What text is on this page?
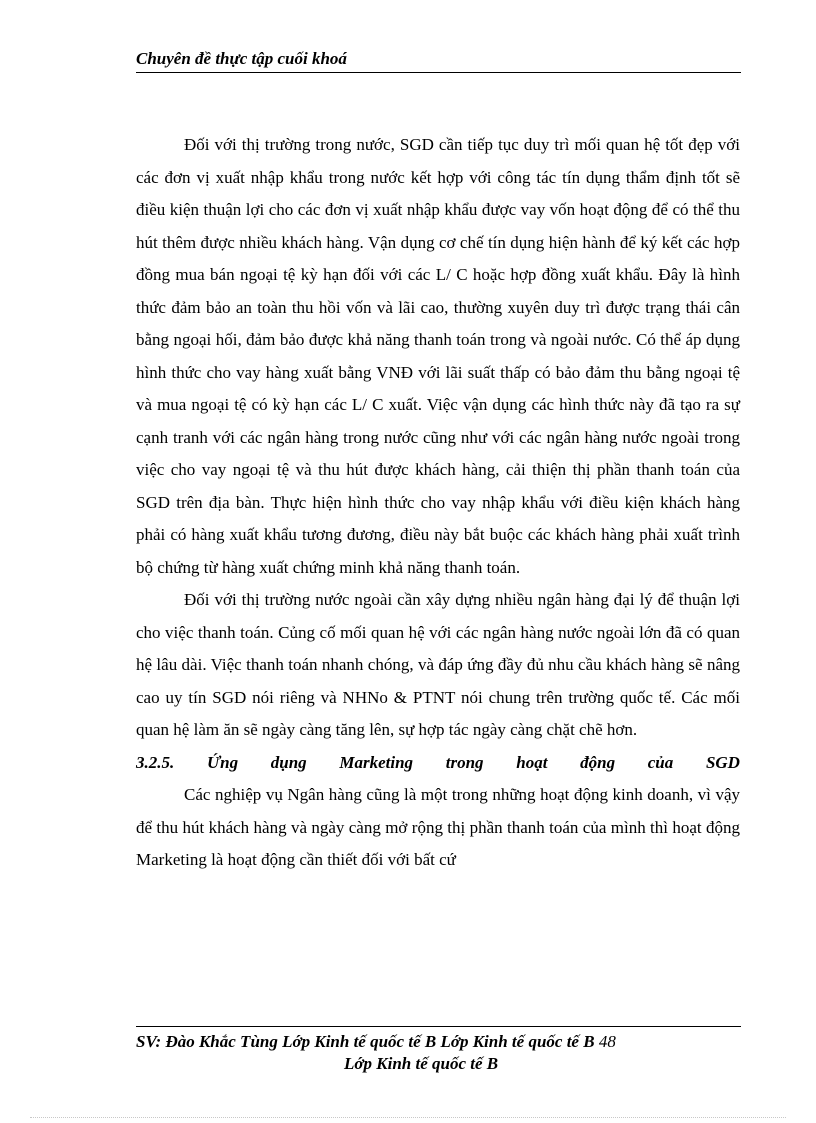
Chuyên đề thực tập cuối khoá

Đối với thị trường trong nước, SGD cần tiếp tục duy trì mối quan hệ tốt đẹp với các đơn vị xuất nhập khẩu trong nước kết hợp với công tác tín dụng thẩm định tốt sẽ điều kiện thuận lợi cho các đơn vị xuất nhập khẩu được vay vốn hoạt động để có thể thu hút thêm được nhiều khách hàng. Vận dụng cơ chế tín dụng hiện hành để ký kết các hợp đồng mua bán ngoại tệ kỳ hạn đối với các L/ C hoặc hợp đồng xuất khẩu. Đây là hình thức đảm bảo an toàn thu hồi vốn và lãi cao, thường xuyên duy trì được trạng thái cân bằng ngoại hối, đảm bảo được khả năng thanh toán trong và ngoài nước. Có thể áp dụng hình thức cho vay hàng xuất bằng VNĐ với lãi suất thấp có bảo đảm thu bằng ngoại tệ và mua ngoại tệ có kỳ hạn các L/ C xuất. Việc vận dụng các hình thức này đã tạo ra sự cạnh tranh với các ngân hàng trong nước cũng như với các ngân hàng nước ngoài trong việc cho vay ngoại tệ và thu hút được khách hàng, cải thiện thị phần thanh toán của SGD trên địa bàn. Thực hiện hình thức cho vay nhập khẩu với điều kiện khách hàng phải có hàng xuất khẩu tương đương, điều này bắt buộc các khách hàng phải xuất trình bộ chứng từ hàng xuất chứng minh khả năng thanh toán.

Đối với thị trường nước ngoài cần xây dựng nhiều ngân hàng đại lý để thuận lợi cho việc thanh toán. Củng cố mối quan hệ với các ngân hàng nước ngoài lớn đã có quan hệ lâu dài. Việc thanh toán nhanh chóng, và đáp ứng đầy đủ nhu cầu khách hàng sẽ nâng cao uy tín SGD nói riêng và NHNo & PTNT nói chung trên trường quốc tế. Các mối quan hệ làm ăn sẽ ngày càng tăng lên, sự hợp tác ngày càng chặt chẽ hơn.

3.2.5. Ứng dụng Marketing trong hoạt động của SGD

Các nghiệp vụ Ngân hàng cũng là một trong những hoạt động kinh doanh, vì vậy để thu hút khách hàng và ngày càng mở rộng thị phần thanh toán của mình thì hoạt động Marketing là hoạt động cần thiết đối với bất cứ

SV: Đào Khắc Tùng Lớp Kinh tế quốc tế B Lớp Kinh tế quốc tế B 48
Lớp Kinh tế quốc tế B
